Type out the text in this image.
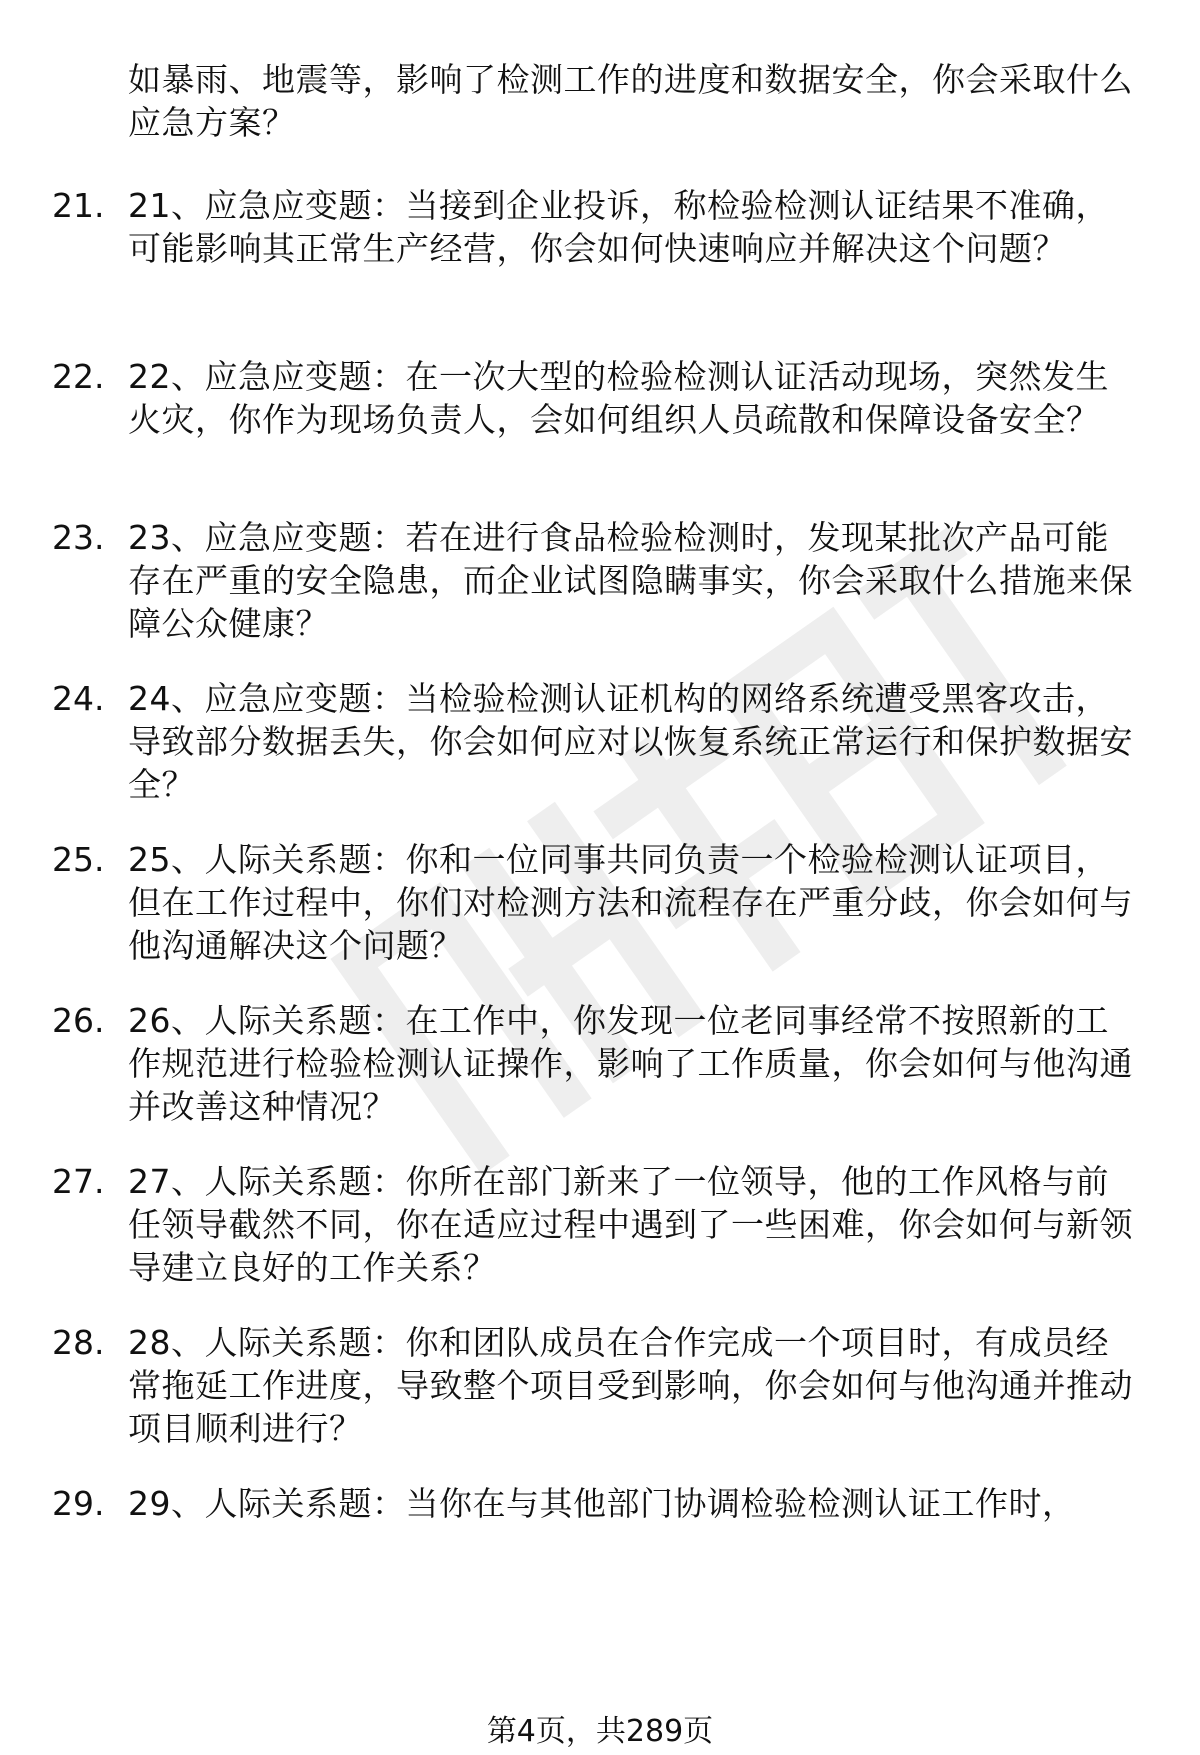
如暴雨、地震等，影响了检测工作的进度和数据安全，你会采取什么应急方案？
21. 21、应急应变题：当接到企业投诉，称检验检测认证结果不准确，可能影响其正常生产经营，你会如何快速响应并解决这个问题？
22. 22、应急应变题：在一次大型的检验检测认证活动现场，突然发生火灾，你作为现场负责人，会如何组织人员疏散和保障设备安全？
23. 23、应急应变题：若在进行食品检验检测时，发现某批次产品可能存在严重的安全隐患，而企业试图隐瞒事实，你会采取什么措施来保障公众健康？
24. 24、应急应变题：当检验检测认证机构的网络系统遭受黑客攻击，导致部分数据丢失，你会如何应对以恢复系统正常运行和保护数据安全？
25. 25、人际关系题：你和一位同事共同负责一个检验检测认证项目，但在工作过程中，你们对检测方法和流程存在严重分歧，你会如何与他沟通解决这个问题？
26. 26、人际关系题：在工作中，你发现一位老同事经常不按照新的工作规范进行检验检测认证操作，影响了工作质量，你会如何与他沟通并改善这种情况？
27. 27、人际关系题：你所在部门新来了一位领导，他的工作风格与前任领导截然不同，你在适应过程中遇到了一些困难，你会如何与新领导建立良好的工作关系？
28. 28、人际关系题：你和团队成员在合作完成一个项目时，有成员经常拖延工作进度，导致整个项目受到影响，你会如何与他沟通并推动项目顺利进行？
29. 29、人际关系题：当你在与其他部门协调检验检测认证工作时，
第4页，共289页
